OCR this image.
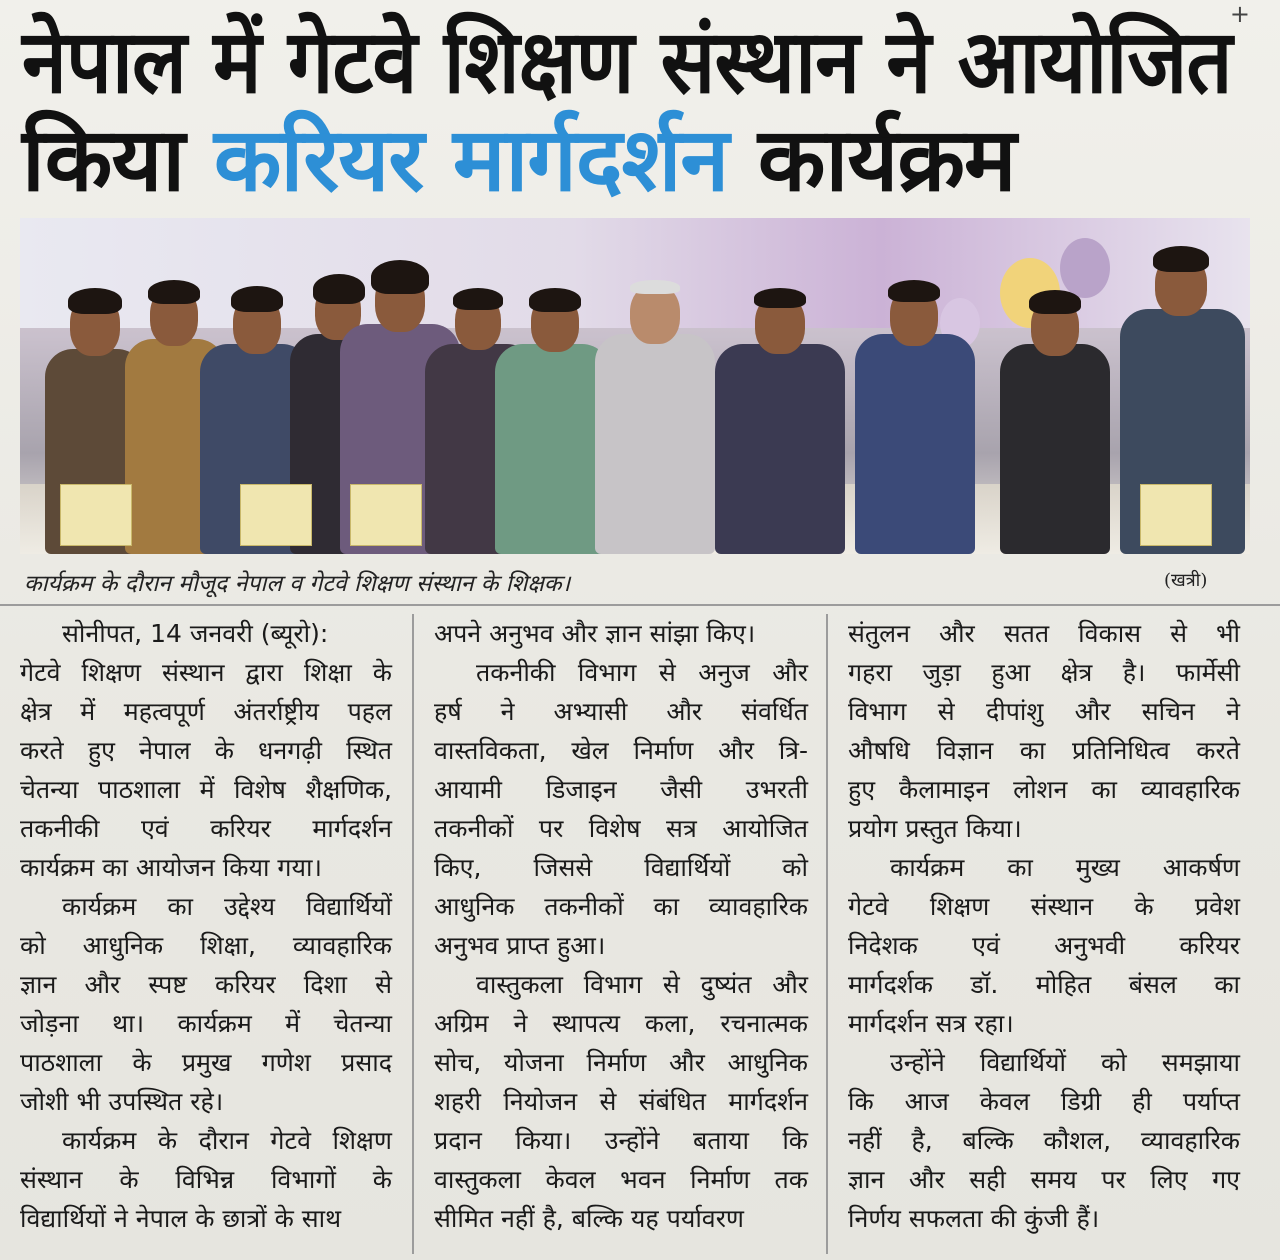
+
नेपाल में गेटवे शिक्षण संस्थान ने आयोजित
किया करियर मार्गदर्शन कार्यक्रम
कार्यक्रम के दौरान मौजूद नेपाल व गेटवे शिक्षण संस्थान के शिक्षक।	(खत्री)
सोनीपत, 14 जनवरी (ब्यूरो):
गेटवे शिक्षण संस्थान द्वारा शिक्षा के
क्षेत्र में महत्वपूर्ण अंतर्राष्ट्रीय पहल
करते हुए नेपाल के धनगढ़ी स्थित
चेतन्या पाठशाला में विशेष शैक्षणिक,
तकनीकी एवं करियर मार्गदर्शन
कार्यक्रम का आयोजन किया गया।
कार्यक्रम का उद्देश्य विद्यार्थियों
को आधुनिक शिक्षा, व्यावहारिक
ज्ञान और स्पष्ट करियर दिशा से
जोड़ना था। कार्यक्रम में चेतन्या
पाठशाला के प्रमुख गणेश प्रसाद
जोशी भी उपस्थित रहे।
कार्यक्रम के दौरान गेटवे शिक्षण
संस्थान के विभिन्न विभागों के
विद्यार्थियों ने नेपाल के छात्रों के साथ
अपने अनुभव और ज्ञान सांझा किए।
तकनीकी विभाग से अनुज और
हर्ष ने अभ्यासी और संवर्धित
वास्तविकता, खेल निर्माण और त्रि-
आयामी डिजाइन जैसी उभरती
तकनीकों पर विशेष सत्र आयोजित
किए, जिससे विद्यार्थियों को
आधुनिक तकनीकों का व्यावहारिक
अनुभव प्राप्त हुआ।
वास्तुकला विभाग से दुष्यंत और
अग्रिम ने स्थापत्य कला, रचनात्मक
सोच, योजना निर्माण और आधुनिक
शहरी नियोजन से संबंधित मार्गदर्शन
प्रदान किया। उन्होंने बताया कि
वास्तुकला केवल भवन निर्माण तक
सीमित नहीं है, बल्कि यह पर्यावरण
संतुलन और सतत विकास से भी
गहरा जुड़ा हुआ क्षेत्र है। फार्मेसी
विभाग से दीपांशु और सचिन ने
औषधि विज्ञान का प्रतिनिधित्व करते
हुए कैलामाइन लोशन का व्यावहारिक
प्रयोग प्रस्तुत किया।
कार्यक्रम का मुख्य आकर्षण
गेटवे शिक्षण संस्थान के प्रवेश
निदेशक एवं अनुभवी करियर
मार्गदर्शक डॉ. मोहित बंसल का
मार्गदर्शन सत्र रहा।
उन्होंने विद्यार्थियों को समझाया
कि आज केवल डिग्री ही पर्याप्त
नहीं है, बल्कि कौशल, व्यावहारिक
ज्ञान और सही समय पर लिए गए
निर्णय सफलता की कुंजी हैं।
